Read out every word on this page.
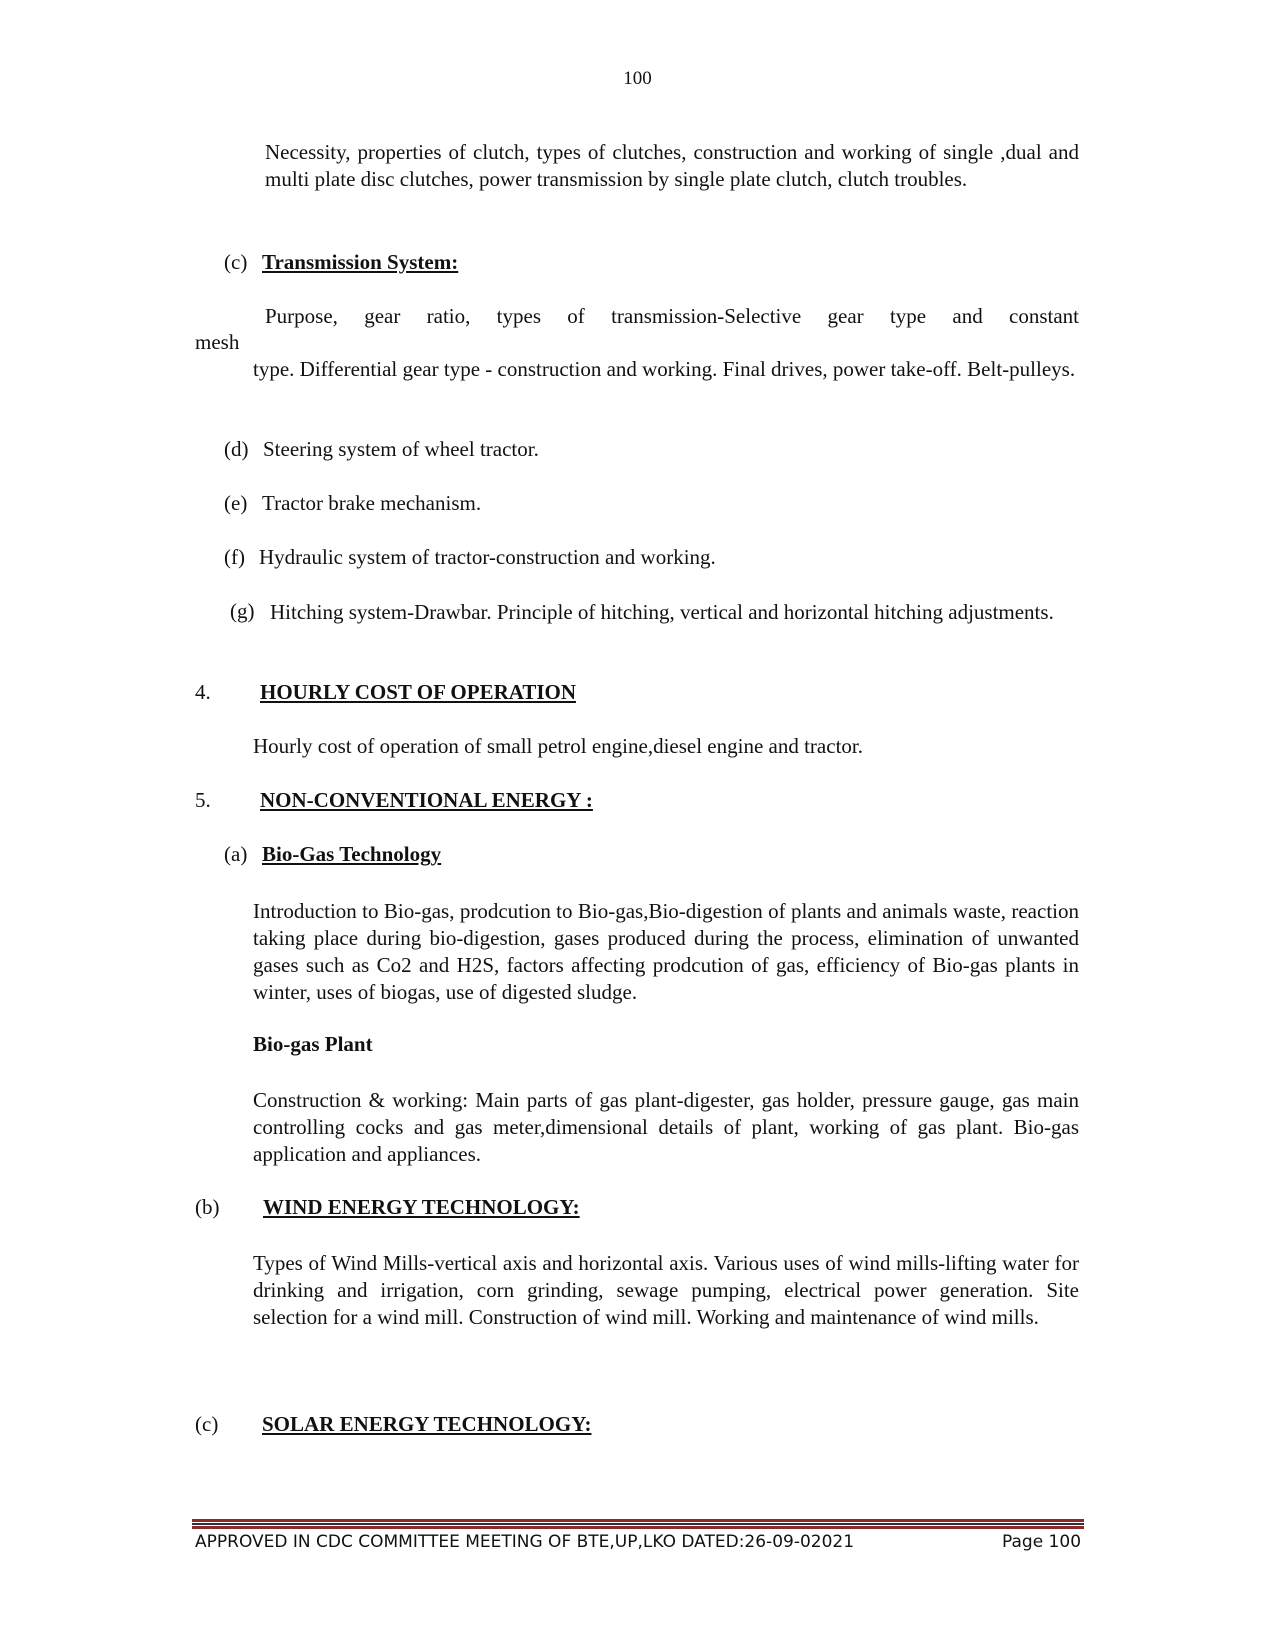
100

Necessity, properties of clutch, types of clutches, construction and working of single ,dual and multi plate disc clutches, power transmission by single plate clutch, clutch troubles.

(c) Transmission System:

Purpose, gear ratio, types of transmission-Selective gear type and constant

mesh

type. Differential gear type - construction and working. Final drives, power take-off. Belt-pulleys.

(d) Steering system of wheel tractor.
(e) Tractor brake mechanism.
(f) Hydraulic system of tractor-construction and working.
(g) Hitching system-Drawbar. Principle of hitching, vertical and horizontal hitching adjustments.

4. HOURLY COST OF OPERATION
Hourly cost of operation of small petrol engine,diesel engine and tractor.
5. NON-CONVENTIONAL ENERGY :
(a) Bio-Gas Technology

Introduction to Bio-gas, prodcution to Bio-gas,Bio-digestion of plants and animals waste, reaction taking place during bio-digestion, gases produced during the process, elimination of unwanted gases such as Co2 and H2S, factors affecting prodcution of gas, efficiency of Bio-gas plants in winter, uses of biogas, use of digested sludge.

Bio-gas Plant

Construction & working: Main parts of gas plant-digester, gas holder, pressure gauge, gas main controlling cocks and gas meter,dimensional details of plant, working of gas plant. Bio-gas application and appliances.

(b) WIND ENERGY TECHNOLOGY:

Types of Wind Mills-vertical axis and horizontal axis. Various uses of wind mills-lifting water for drinking and irrigation, corn grinding, sewage pumping, electrical power generation. Site selection for a wind mill. Construction of wind mill. Working and maintenance of wind mills.

(c) SOLAR ENERGY TECHNOLOGY:
APPROVED IN CDC COMMITTEE MEETING OF BTE,UP,LKO DATED:26-09-02021	Page 100
